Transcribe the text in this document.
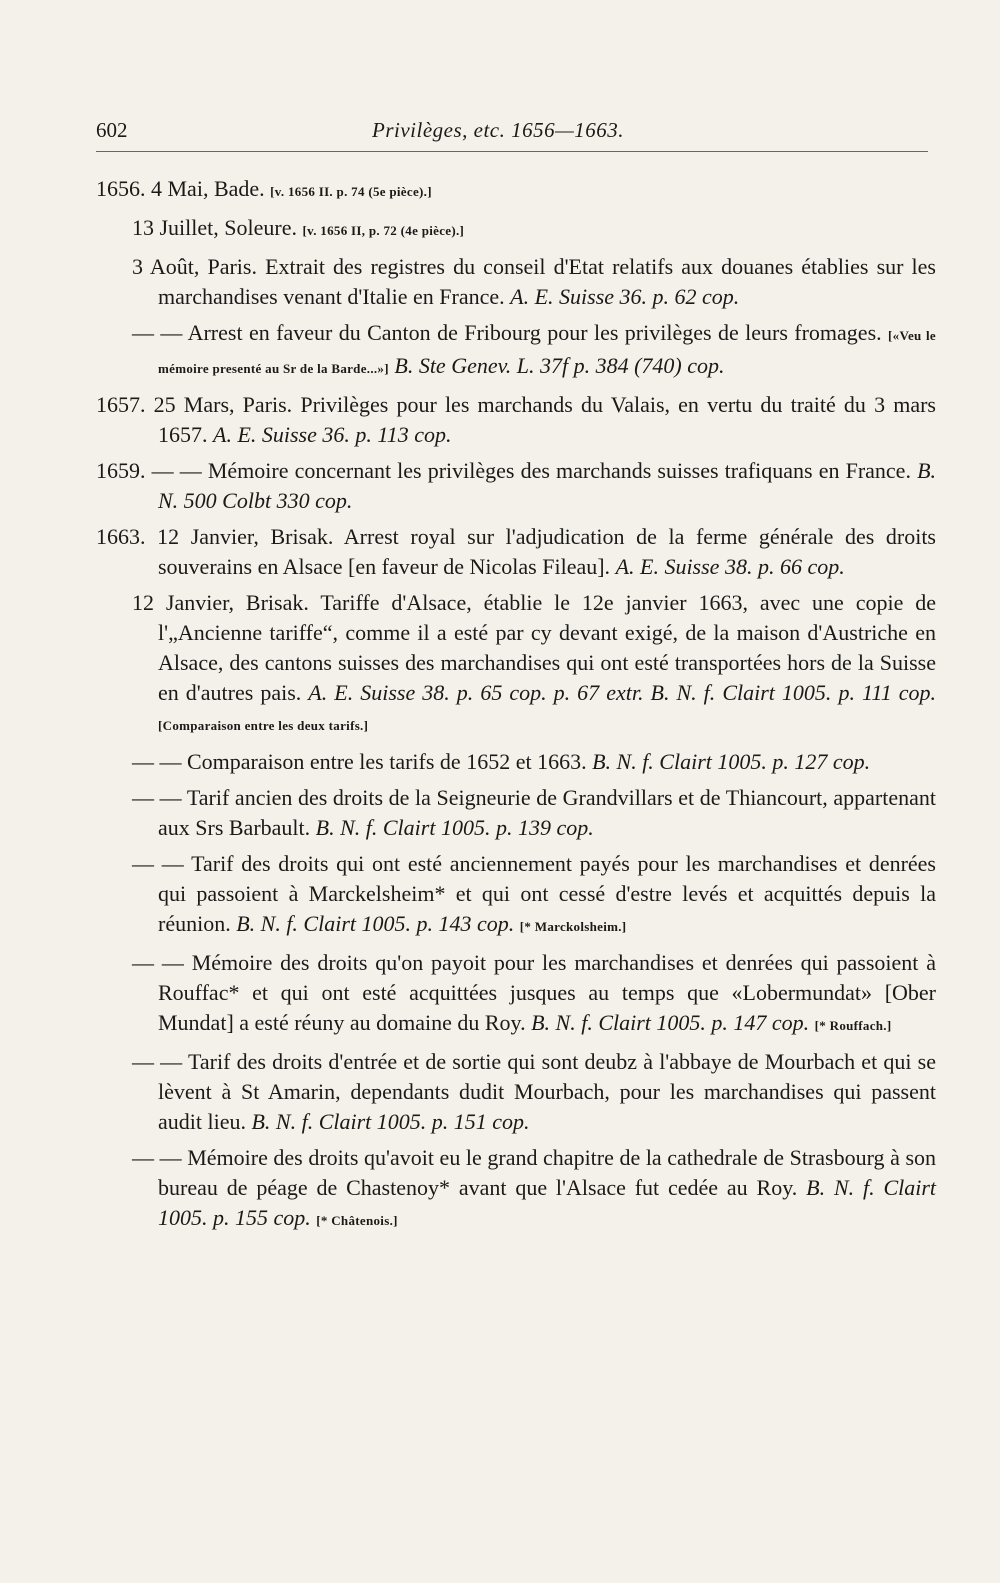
602	Privilèges, etc. 1656—1663.

1656. 4 Mai, Bade. [v. 1656 II. p. 74 (5e pièce).]

13 Juillet, Soleure. [v. 1656 II, p. 72 (4e pièce).]

3 Août, Paris. Extrait des registres du conseil d'Etat relatifs aux douanes établies sur les marchandises venant d'Italie en France. A. E. Suisse 36. p. 62 cop.

— — Arrest en faveur du Canton de Fribourg pour les privilèges de leurs fromages. [«Veu le mémoire presenté au Sr de la Barde...»] B. Ste Genev. L. 37f p. 384 (740) cop.

1657. 25 Mars, Paris. Privilèges pour les marchands du Valais, en vertu du traité du 3 mars 1657. A. E. Suisse 36. p. 113 cop.

1659. — — Mémoire concernant les privilèges des marchands suisses trafiquans en France. B. N. 500 Colbt 330 cop.

1663. 12 Janvier, Brisak. Arrest royal sur l'adjudication de la ferme générale des droits souverains en Alsace [en faveur de Nicolas Fileau]. A. E. Suisse 38. p. 66 cop.

12 Janvier, Brisak. Tariffe d'Alsace, établie le 12e janvier 1663, avec une copie de l'„Ancienne tariffe“, comme il a esté par cy devant exigé, de la maison d'Austriche en Alsace, des cantons suisses des marchandises qui ont esté transportées hors de la Suisse en d'autres pais. A. E. Suisse 38. p. 65 cop. p. 67 extr. B. N. f. Clairt 1005. p. 111 cop. [Comparaison entre les deux tarifs.]

— — Comparaison entre les tarifs de 1652 et 1663. B. N. f. Clairt 1005. p. 127 cop.

— — Tarif ancien des droits de la Seigneurie de Grandvillars et de Thiancourt, appartenant aux Srs Barbault. B. N. f. Clairt 1005. p. 139 cop.

— — Tarif des droits qui ont esté anciennement payés pour les marchandises et denrées qui passoient à Marckelsheim* et qui ont cessé d'estre levés et acquittés depuis la réunion. B. N. f. Clairt 1005. p. 143 cop. [* Marckolsheim.]

— — Mémoire des droits qu'on payoit pour les marchandises et denrées qui passoient à Rouffac* et qui ont esté acquittées jusques au temps que «Lobermundat» [Ober Mundat] a esté réuny au domaine du Roy. B. N. f. Clairt 1005. p. 147 cop. [* Rouffach.]

— — Tarif des droits d'entrée et de sortie qui sont deubz à l'abbaye de Mourbach et qui se lèvent à St Amarin, dependants dudit Mourbach, pour les marchandises qui passent audit lieu. B. N. f. Clairt 1005. p. 151 cop.

— — Mémoire des droits qu'avoit eu le grand chapitre de la cathedrale de Strasbourg à son bureau de péage de Chastenoy* avant que l'Alsace fut cedée au Roy. B. N. f. Clairt 1005. p. 155 cop. [* Châtenois.]
